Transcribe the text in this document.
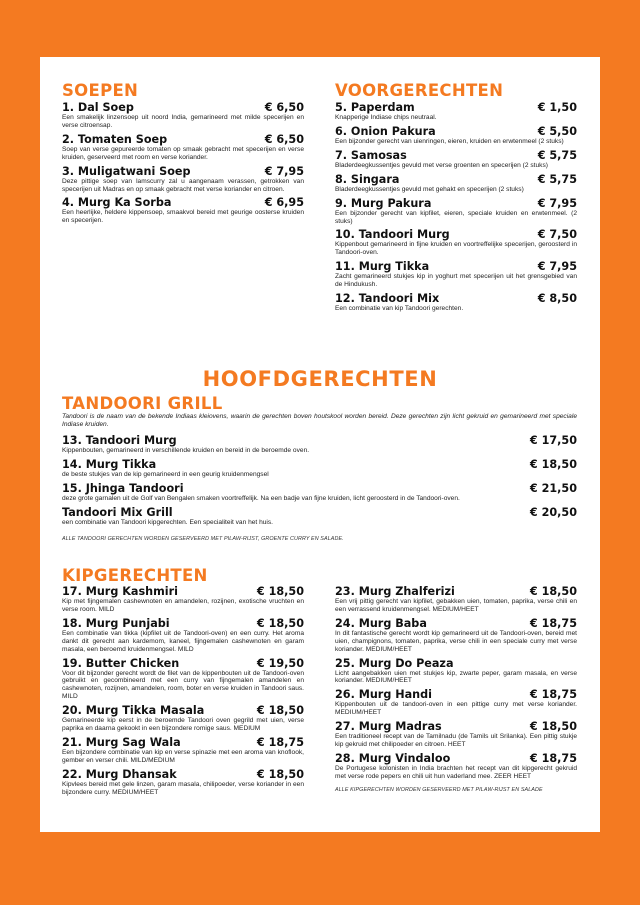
SOEPEN
1. Dal Soep	€ 6,50
Een smakelijk linzensoep uit noord India, gemarineerd met milde specerijen en verse citroensap.
2. Tomaten Soep	€ 6,50
Soep van verse gepureerde tomaten op smaak gebracht met specerijen en verse kruiden, geserveerd met room en verse koriander.
3. Muligatwani Soep	€ 7,95
Deze pittige soep van lamscurry zal u aangenaam verassen, getrokken van specerijen uit Madras en op smaak gebracht met verse koriander en citroen.
4. Murg Ka Sorba	€ 6,95
Een heerlijke, heldere kippensoep, smaakvol bereid met geurige oosterse kruiden en specerijen.
VOORGERECHTEN
5. Paperdam	€ 1,50
Knapperige Indiase chips neutraal.
6. Onion Pakura	€ 5,50
Een bijzonder gerecht van uienringen, eieren, kruiden en erwtenmeel (2 stuks)
7. Samosas	€ 5,75
Bladerdeegkussentjes gevuld met verse groenten en specerijen (2 stuks)
8. Singara	€ 5,75
Bladerdeegkussentjes gevuld met gehakt en specerijen (2 stuks)
9. Murg Pakura	€ 7,95
Een bijzonder gerecht van kipfilet, eieren, speciale kruiden en erwtenmeel. (2 stuks)
10. Tandoori Murg	€ 7,50
Kippenbout gemarineerd in fijne kruiden en voortreffelijke specerijen, geroosterd in Tandoori-oven.
11. Murg Tikka	€ 7,95
Zacht gemarineerd stukjes kip in yoghurt met specerijen uit het grensgebied van de Hindukush.
12. Tandoori Mix	€ 8,50
Een combinatie van kip Tandoori gerechten.
HOOFDGERECHTEN
TANDOORI GRILL
Tandoori is de naam van de bekende Indiaas kleiovens, waarin de gerechten boven houtskool worden bereid. Deze gerechten zijn licht gekruid en gemarineerd met speciale Indiase kruiden.
13. Tandoori Murg	€ 17,50
Kippenbouten, gemarineerd in verschillende kruiden en bereid in de beroemde oven.
14. Murg Tikka	€ 18,50
de beste stukjes van de kip gemarineerd in een geurig kruidenmengsel
15. Jhinga Tandoori	€ 21,50
deze grote garnalen uit de Golf van Bengalen smaken voortreffelijk. Na een badje van fijne kruiden, licht geroosterd in de Tandoori-oven.
Tandoori Mix Grill	€ 20,50
een combinatie van Tandoori kipgerechten. Een specialiteit van het huis.
ALLE TANDOORI GERECHTEN WORDEN GESERVEERD MET PILAW-RIJST, GROENTE CURRY EN SALADE.
KIPGERECHTEN
17. Murg Kashmiri	€ 18,50
Kip met fijngemalen cashewnoten en amandelen, rozijnen, exotische vruchten en verse room. MILD
18. Murg Punjabi	€ 18,50
Een combinatie van tikka (kipfilet uit de Tandoori-oven) en een curry. Het aroma dankt dit gerecht aan kardemom, kaneel, fijngemalen cashewnoten en garam masala, een beroemd kruidenmengsel. MILD
19. Butter Chicken	€ 19,50
Voor dit bijzonder gerecht wordt de filet van de kippenbouten uit de Tandoori-oven gebruikt en gecombineerd met een curry van fijngemalen amandelen en cashewnoten, rozijnen, amandelen, room, boter en verse kruiden in Tandoori saus. MILD
20. Murg Tikka Masala	€ 18,50
Gemarineerde kip eerst in de beroemde Tandoori oven gegrild met uien, verse paprika en daarna gekookt in een bijzondere romige saus. MEDIUM
21. Murg Sag Wala	€ 18,75
Een bijzondere combinatie van kip en verse spinazie met een aroma van knoflook, gember en verser chili. MILD/MEDIUM
22. Murg Dhansak	€ 18,50
Kipvlees bereid met gele linzen, garam masala, chilipoeder, verse koriander in een bijzondere curry. MEDIUM/HEET
23. Murg Zhalferizi	€ 18,50
Een vrij pittig gerecht van kipfilet, gebakken uien, tomaten, paprika, verse chili en een verrassend kruidenmengsel. MEDIUM/HEET
24. Murg Baba	€ 18,75
In dit fantastische gerecht wordt kip gemarineerd uit de Tandoori-oven, bereid met uien, champignons, tomaten, paprika, verse chili in een speciale curry met verse koriander. MEDIUM/HEET
25. Murg Do Peaza
Licht aangebakken uien met stukjes kip, zwarte peper, garam masala, en verse koriander. MEDIUM/HEET
26. Murg Handi	€ 18,75
Kippenbouten uit de tandoori-oven in een pittige curry met verse koriander. MEDIUM/HEET
27. Murg Madras	€ 18,50
Een traditioneel recept van de Tamilnadu (de Tamils uit Srilanka). Een pittig stukje kip gekruid met chilipoeder en citroen. HEET
28. Murg Vindaloo	€ 18,75
De Portugese kolonisten in India brachten het recept van dit kipgerecht gekruid met verse rode pepers en chili uit hun vaderland mee. ZEER HEET
ALLE KIPGERECHTEN WORDEN GESERVEERD MET PILAW-RIJST EN SALADE
